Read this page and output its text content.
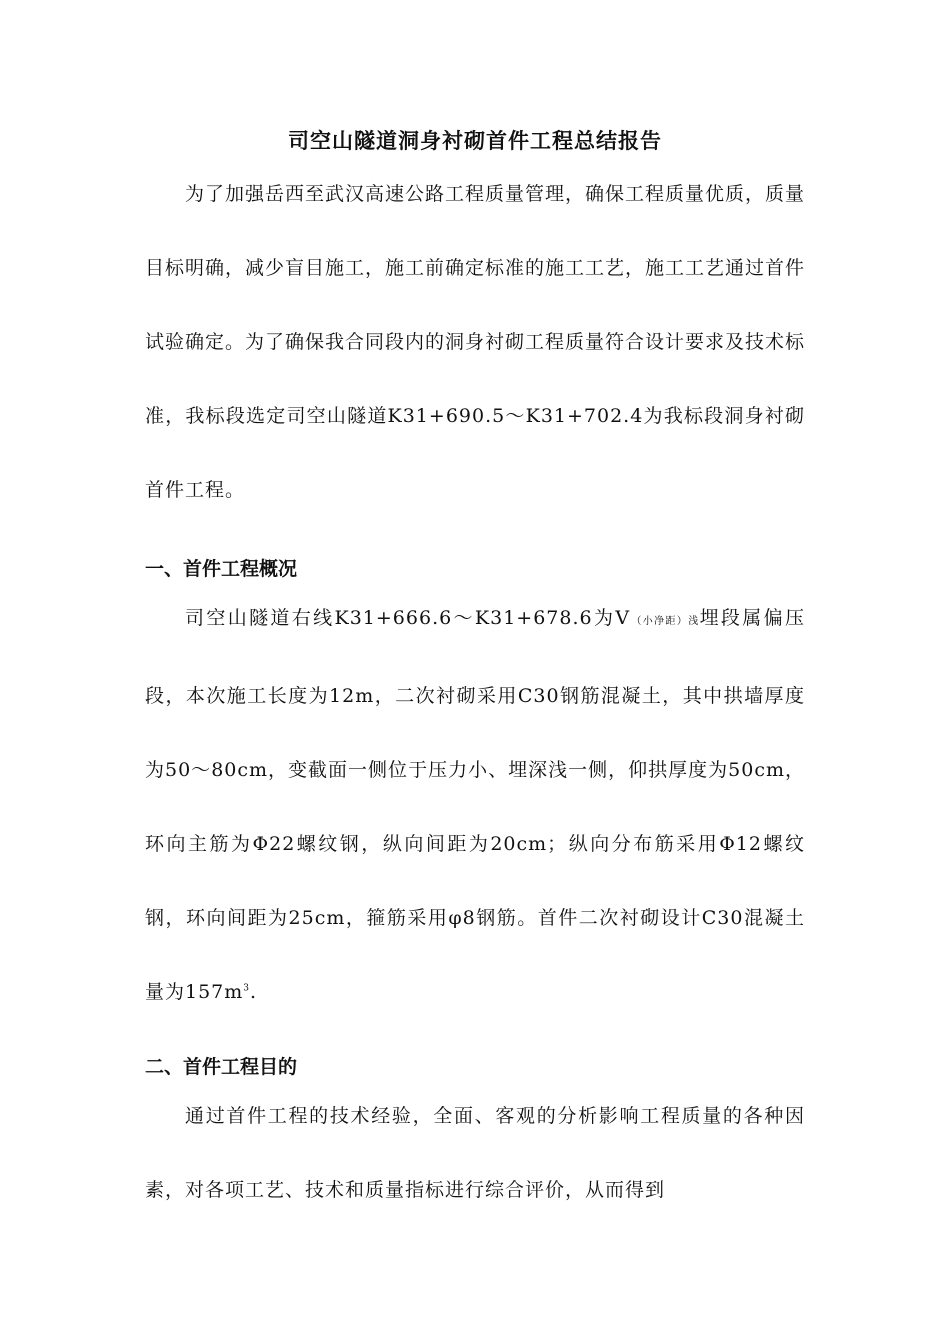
司空山隧道洞身衬砌首件工程总结报告
为了加强岳西至武汉高速公路工程质量管理，确保工程质量优质，质量目标明确，减少盲目施工，施工前确定标准的施工工艺，施工工艺通过首件试验确定。为了确保我合同段内的洞身衬砌工程质量符合设计要求及技术标准，我标段选定司空山隧道K31+690.5～K31+702.4为我标段洞身衬砌首件工程。
一、首件工程概况
司空山隧道右线K31+666.6～K31+678.6为Ⅴ（小净距）浅埋段属偏压段，本次施工长度为12m，二次衬砌采用C30钢筋混凝土，其中拱墙厚度为50～80cm，变截面一侧位于压力小、埋深浅一侧，仰拱厚度为50cm，环向主筋为Φ22螺纹钢，纵向间距为20cm；纵向分布筋采用Φ12螺纹钢，环向间距为25cm，箍筋采用φ8钢筋。首件二次衬砌设计C30混凝土量为$157m^3$.
二、首件工程目的
通过首件工程的技术经验，全面、客观的分析影响工程质量的各种因素，对各项工艺、技术和质量指标进行综合评价，从而得到
